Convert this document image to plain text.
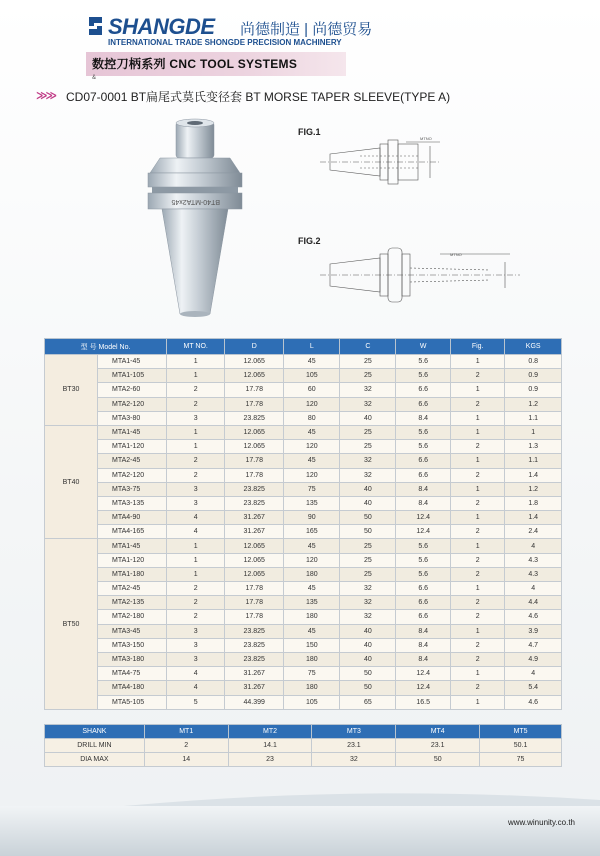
SHANGDE 尚德制造 | 尚德贸易
INTERNATIONAL TRADE SHONGDE PRECISION MACHINERY
数控刀柄系列 CNC TOOL SYSTEMS
&
≫≫ CD07-0001 BT扁尾式莫氏变径套 BT MORSE TAPER SLEEVE(TYPE A)
BT40-MTA2x45
FIG.1
MTNO
FIG.2
MTNO
型 号 Model No.		MT NO.	D	L	C	W	Fig.	KGS
BT30	MTA1-45	1	12.065	45	25	5.6	1	0.8
	MTA1-105	1	12.065	105	25	5.6	2	0.9
	MTA2-60	2	17.78	60	32	6.6	1	0.9
	MTA2-120	2	17.78	120	32	6.6	2	1.2
	MTA3-80	3	23.825	80	40	8.4	1	1.1
BT40	MTA1-45	1	12.065	45	25	5.6	1	1
	MTA1-120	1	12.065	120	25	5.6	2	1.3
	MTA2-45	2	17.78	45	32	6.6	1	1.1
	MTA2-120	2	17.78	120	32	6.6	2	1.4
	MTA3-75	3	23.825	75	40	8.4	1	1.2
	MTA3-135	3	23.825	135	40	8.4	2	1.8
	MTA4-90	4	31.267	90	50	12.4	1	1.4
	MTA4-165	4	31.267	165	50	12.4	2	2.4
BT50	MTA1-45	1	12.065	45	25	5.6	1	4
	MTA1-120	1	12.065	120	25	5.6	2	4.3
	MTA1-180	1	12.065	180	25	5.6	2	4.3
	MTA2-45	2	17.78	45	32	6.6	1	4
	MTA2-135	2	17.78	135	32	6.6	2	4.4
	MTA2-180	2	17.78	180	32	6.6	2	4.6
	MTA3-45	3	23.825	45	40	8.4	1	3.9
	MTA3-150	3	23.825	150	40	8.4	2	4.7
	MTA3-180	3	23.825	180	40	8.4	2	4.9
	MTA4-75	4	31.267	75	50	12.4	1	4
	MTA4-180	4	31.267	180	50	12.4	2	5.4
	MTA5-105	5	44.399	105	65	16.5	1	4.6
SHANK	MT1	MT2	MT3	MT4	MT5
DRILL MIN	2	14.1	23.1	23.1	50.1
DIA MAX	14	23	32	50	75
www.winunity.co.th
